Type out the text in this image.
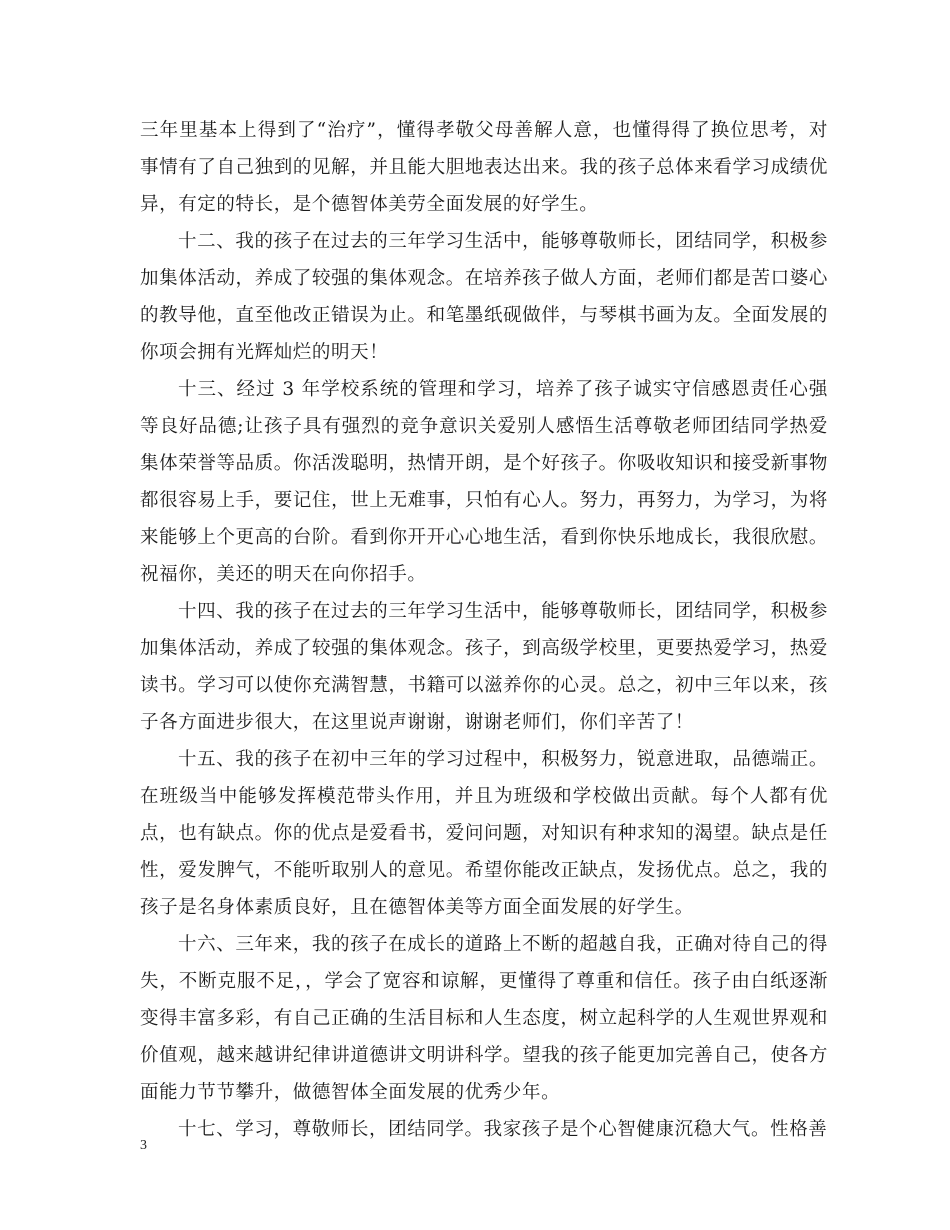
三年里基本上得到了“治疗”，懂得孝敬父母善解人意，也懂得得了换位思考，对事情有了自己独到的见解，并且能大胆地表达出来。我的孩子总体来看学习成绩优异，有定的特长，是个德智体美劳全面发展的好学生。

十二、我的孩子在过去的三年学习生活中，能够尊敬师长，团结同学，积极参加集体活动，养成了较强的集体观念。在培养孩子做人方面，老师们都是苦口婆心的教导他，直至他改正错误为止。和笔墨纸砚做伴，与琴棋书画为友。全面发展的你项会拥有光辉灿烂的明天！

十三、经过 3 年学校系统的管理和学习，培养了孩子诚实守信感恩责任心强等良好品德;让孩子具有强烈的竞争意识关爱别人感悟生活尊敬老师团结同学热爱集体荣誉等品质。你活泼聪明，热情开朗，是个好孩子。你吸收知识和接受新事物都很容易上手，要记住，世上无难事，只怕有心人。努力，再努力，为学习，为将来能够上个更高的台阶。看到你开开心心地生活，看到你快乐地成长，我很欣慰。祝福你，美还的明天在向你招手。

十四、我的孩子在过去的三年学习生活中，能够尊敬师长，团结同学，积极参加集体活动，养成了较强的集体观念。孩子，到高级学校里，更要热爱学习，热爱读书。学习可以使你充满智慧，书籍可以滋养你的心灵。总之，初中三年以来，孩子各方面进步很大，在这里说声谢谢，谢谢老师们，你们辛苦了！

十五、我的孩子在初中三年的学习过程中，积极努力，锐意进取，品德端正。在班级当中能够发挥模范带头作用，并且为班级和学校做出贡献。每个人都有优点，也有缺点。你的优点是爱看书，爱问问题，对知识有种求知的渴望。缺点是任性，爱发脾气，不能听取别人的意见。希望你能改正缺点，发扬优点。总之，我的孩子是名身体素质良好，且在德智体美等方面全面发展的好学生。

十六、三年来，我的孩子在成长的道路上不断的超越自我，正确对待自己的得失，不断克服不足，，学会了宽容和谅解，更懂得了尊重和信任。孩子由白纸逐渐变得丰富多彩，有自己正确的生活目标和人生态度，树立起科学的人生观世界观和价值观，越来越讲纪律讲道德讲文明讲科学。望我的孩子能更加完善自己，使各方面能力节节攀升，做德智体全面发展的优秀少年。

十七、学习，尊敬师长，团结同学。我家孩子是个心智健康沉稳大气。性格善

3
